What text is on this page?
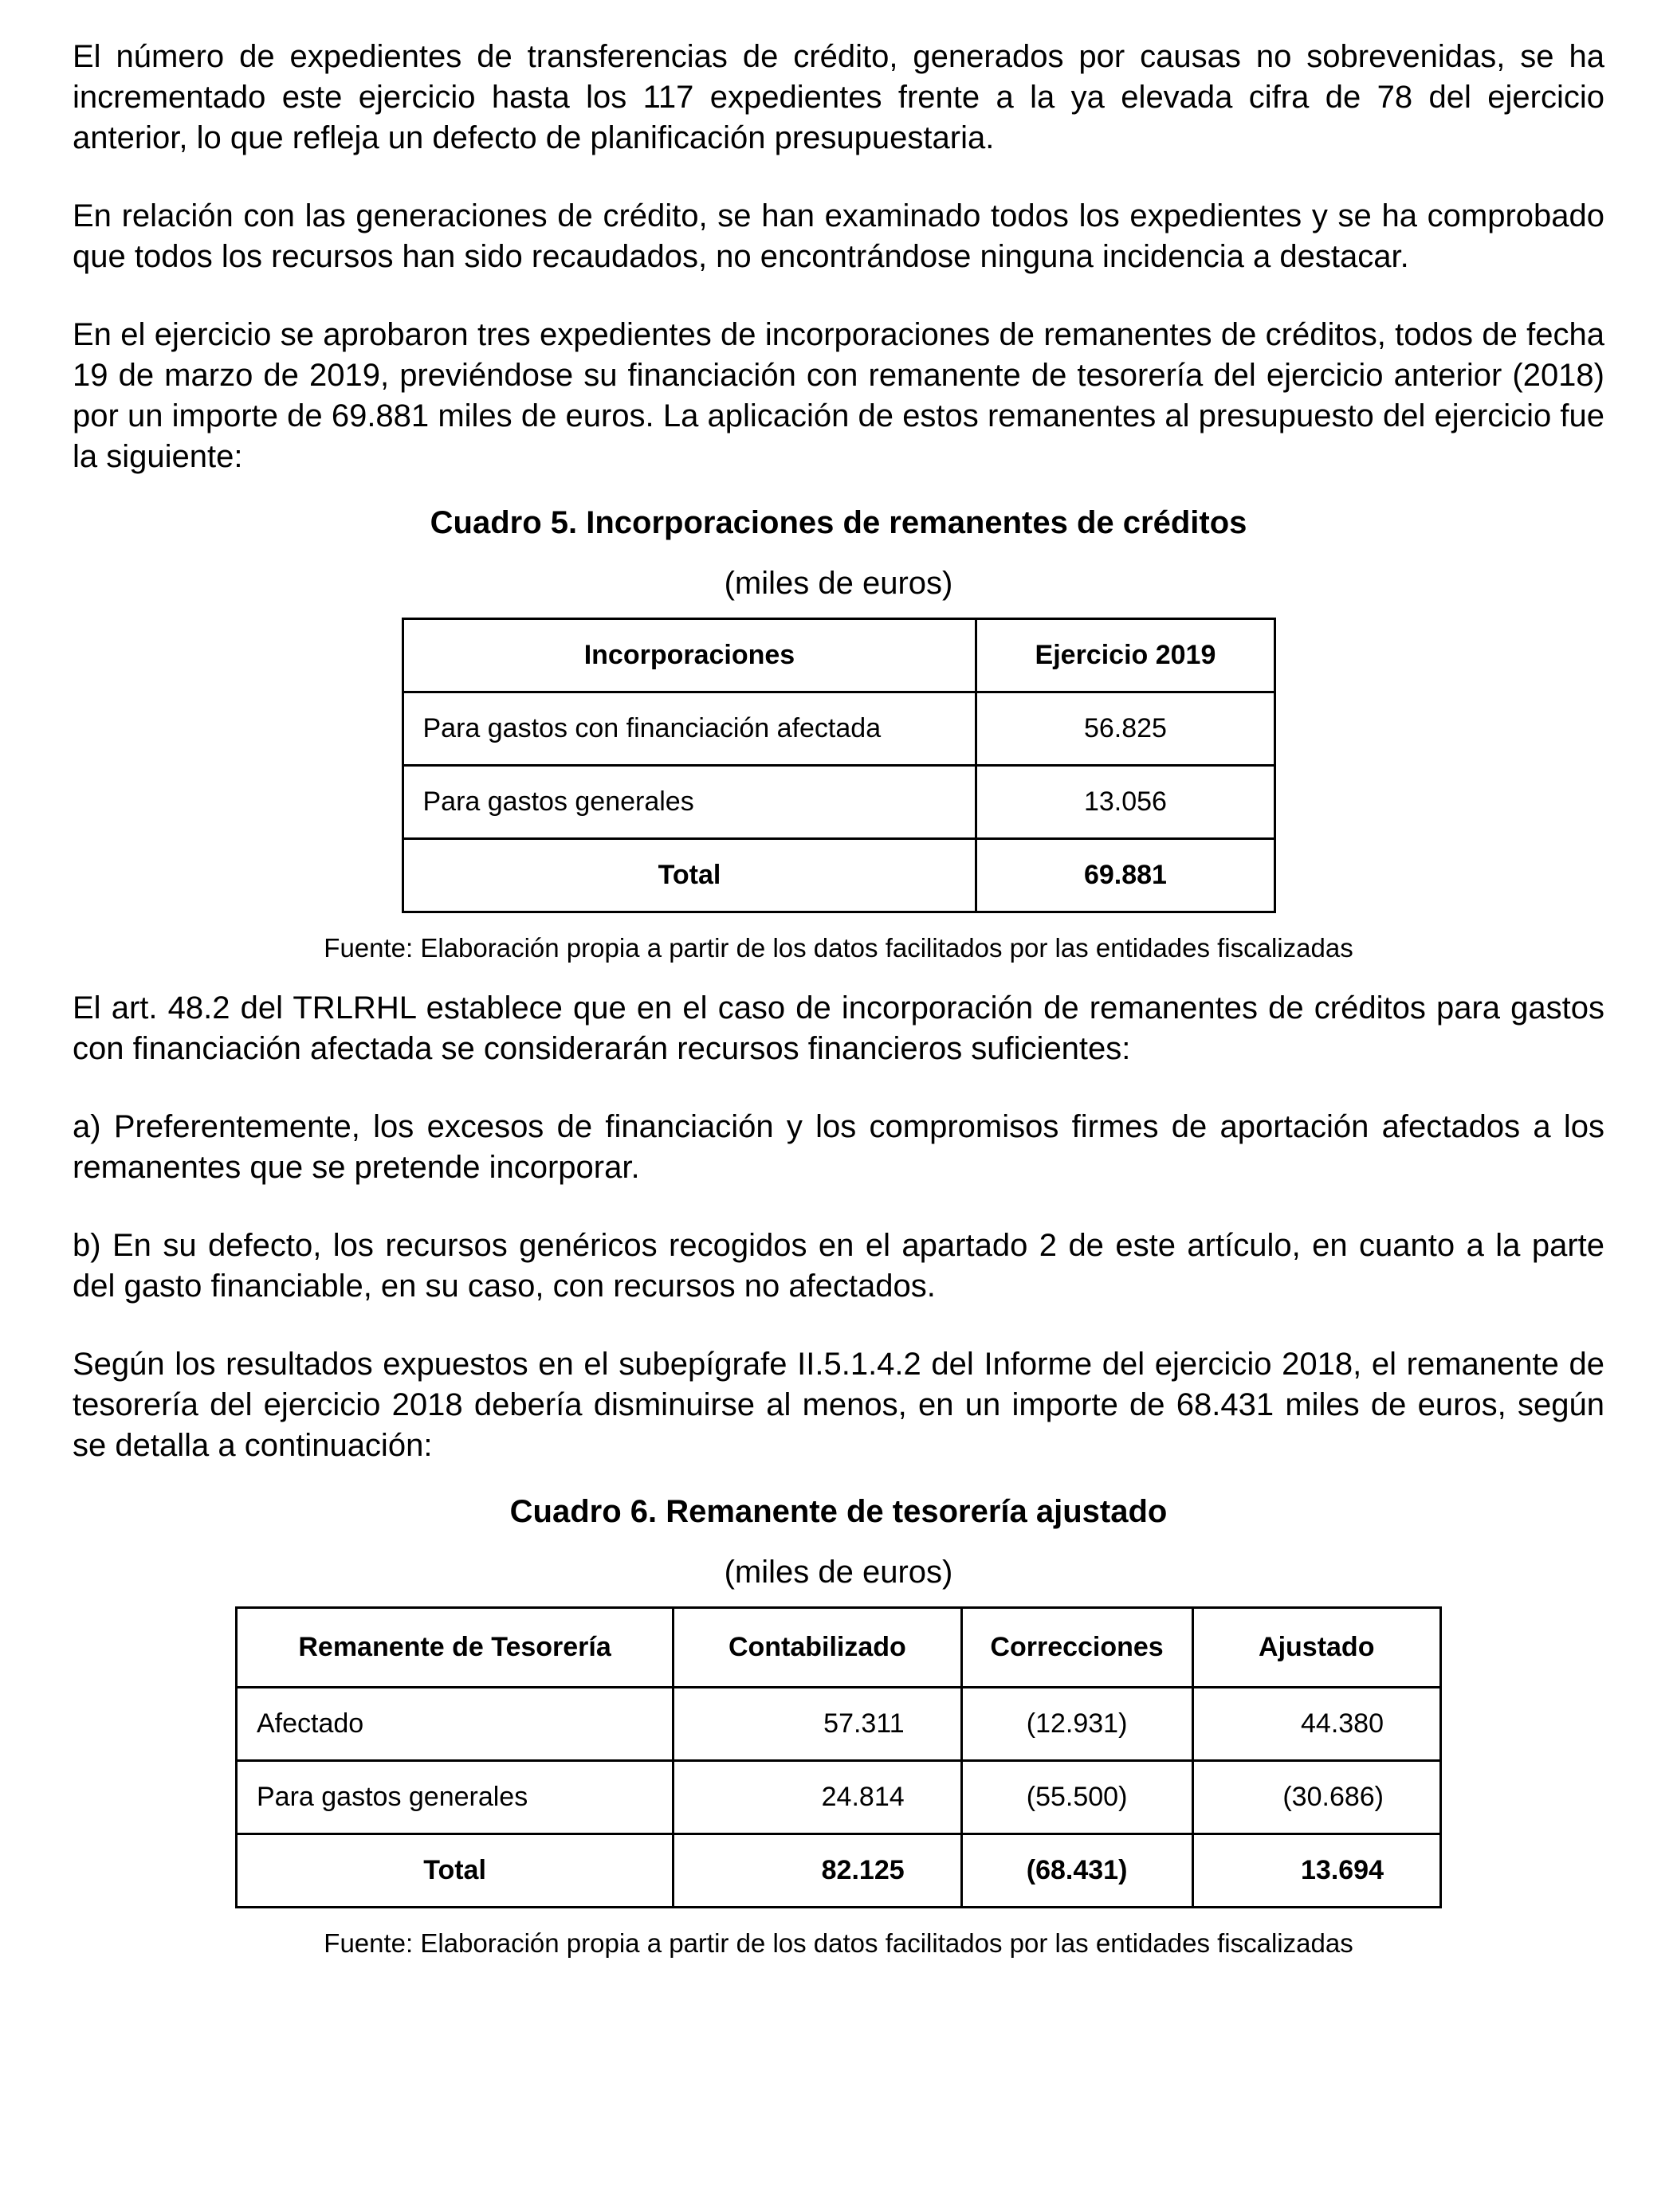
El número de expedientes de transferencias de crédito, generados por causas no sobrevenidas, se ha incrementado este ejercicio hasta los 117 expedientes frente a la ya elevada cifra de 78 del ejercicio anterior, lo que refleja un defecto de planificación presupuestaria.

En relación con las generaciones de crédito, se han examinado todos los expedientes y se ha comprobado que todos los recursos han sido recaudados, no encontrándose ninguna incidencia a destacar.

En el ejercicio se aprobaron tres expedientes de incorporaciones de remanentes de créditos, todos de fecha 19 de marzo de 2019, previéndose su financiación con remanente de tesorería del ejercicio anterior (2018) por un importe de 69.881 miles de euros. La aplicación de estos remanentes al presupuesto del ejercicio fue la siguiente:

Cuadro 5. Incorporaciones de remanentes de créditos
(miles de euros)
Incorporaciones	Ejercicio 2019
Para gastos con financiación afectada	56.825
Para gastos generales	13.056
Total	69.881

Fuente: Elaboración propia a partir de los datos facilitados por las entidades fiscalizadas

El art. 48.2 del TRLRHL establece que en el caso de incorporación de remanentes de créditos para gastos con financiación afectada se considerarán recursos financieros suficientes:

a) Preferentemente, los excesos de financiación y los compromisos firmes de aportación afectados a los remanentes que se pretende incorporar.

b) En su defecto, los recursos genéricos recogidos en el apartado 2 de este artículo, en cuanto a la parte del gasto financiable, en su caso, con recursos no afectados.

Según los resultados expuestos en el subepígrafe II.5.1.4.2 del Informe del ejercicio 2018, el remanente de tesorería del ejercicio 2018 debería disminuirse al menos, en un importe de 68.431 miles de euros, según se detalla a continuación:

Cuadro 6. Remanente de tesorería ajustado
(miles de euros)
Remanente de Tesorería	Contabilizado	Correcciones	Ajustado
Afectado	57.311	(12.931)	44.380
Para gastos generales	24.814	(55.500)	(30.686)
Total	82.125	(68.431)	13.694

Fuente: Elaboración propia a partir de los datos facilitados por las entidades fiscalizadas
